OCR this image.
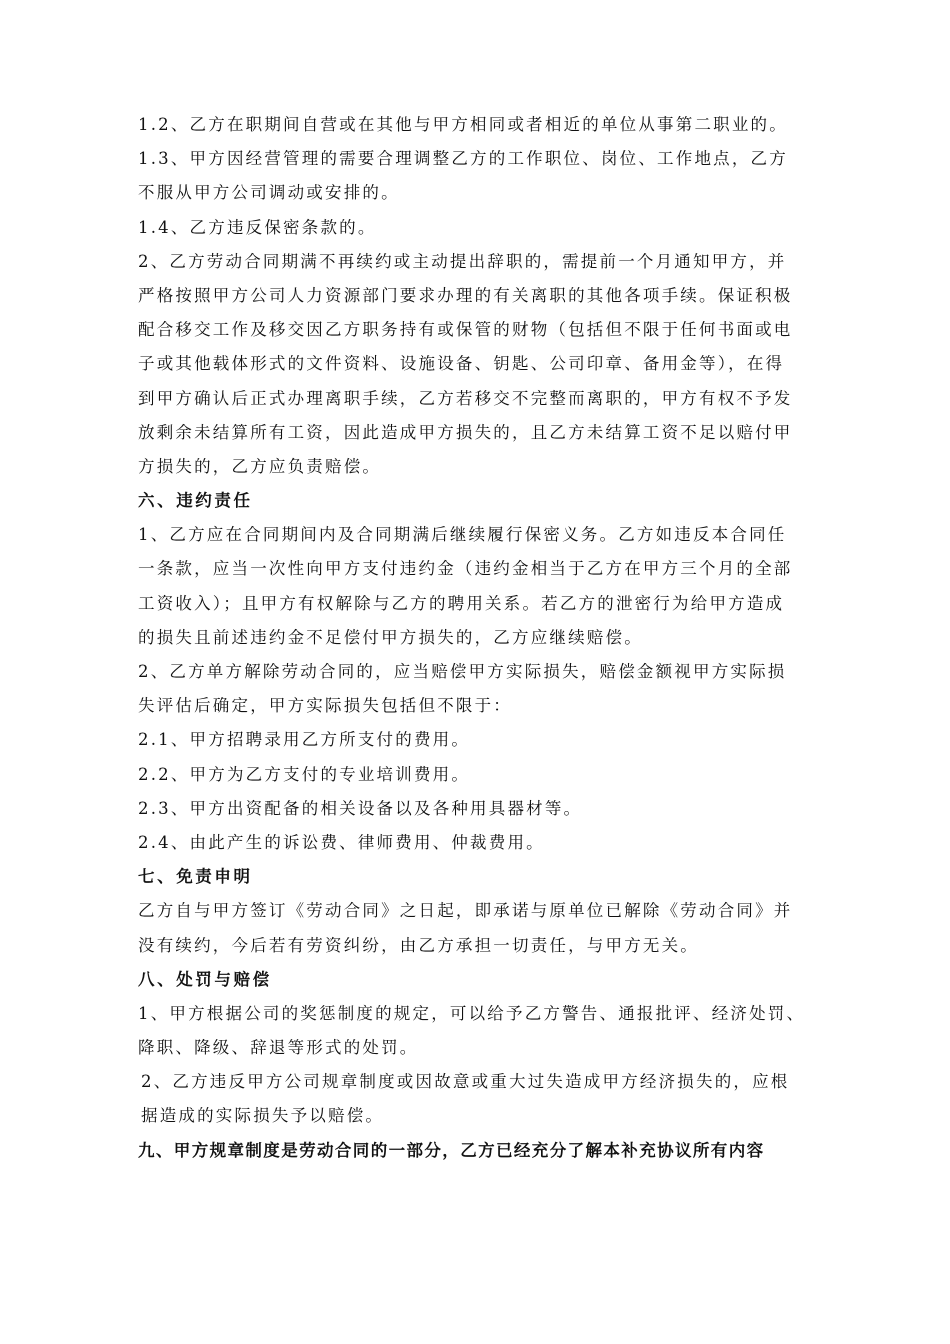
1.2、乙方在职期间自营或在其他与甲方相同或者相近的单位从事第二职业的。
1.3、甲方因经营管理的需要合理调整乙方的工作职位、岗位、工作地点，乙方
不服从甲方公司调动或安排的。
1.4、乙方违反保密条款的。
2、乙方劳动合同期满不再续约或主动提出辞职的，需提前一个月通知甲方，并
严格按照甲方公司人力资源部门要求办理的有关离职的其他各项手续。保证积极
配合移交工作及移交因乙方职务持有或保管的财物（包括但不限于任何书面或电
子或其他载体形式的文件资料、设施设备、钥匙、公司印章、备用金等），在得
到甲方确认后正式办理离职手续，乙方若移交不完整而离职的，甲方有权不予发
放剩余未结算所有工资，因此造成甲方损失的，且乙方未结算工资不足以赔付甲
方损失的，乙方应负责赔偿。
六、违约责任
1、乙方应在合同期间内及合同期满后继续履行保密义务。乙方如违反本合同任
一条款，应当一次性向甲方支付违约金（违约金相当于乙方在甲方三个月的全部
工资收入）；且甲方有权解除与乙方的聘用关系。若乙方的泄密行为给甲方造成
的损失且前述违约金不足偿付甲方损失的，乙方应继续赔偿。
2、乙方单方解除劳动合同的，应当赔偿甲方实际损失，赔偿金额视甲方实际损
失评估后确定，甲方实际损失包括但不限于：
2.1、甲方招聘录用乙方所支付的费用。
2.2、甲方为乙方支付的专业培训费用。
2.3、甲方出资配备的相关设备以及各种用具器材等。
2.4、由此产生的诉讼费、律师费用、仲裁费用。
七、免责申明
乙方自与甲方签订《劳动合同》之日起，即承诺与原单位已解除《劳动合同》并
没有续约，今后若有劳资纠纷，由乙方承担一切责任，与甲方无关。
八、处罚与赔偿
1、甲方根据公司的奖惩制度的规定，可以给予乙方警告、通报批评、经济处罚、
降职、降级、辞退等形式的处罚。
2、乙方违反甲方公司规章制度或因故意或重大过失造成甲方经济损失的，应根
据造成的实际损失予以赔偿。
九、甲方规章制度是劳动合同的一部分，乙方已经充分了解本补充协议所有内容
